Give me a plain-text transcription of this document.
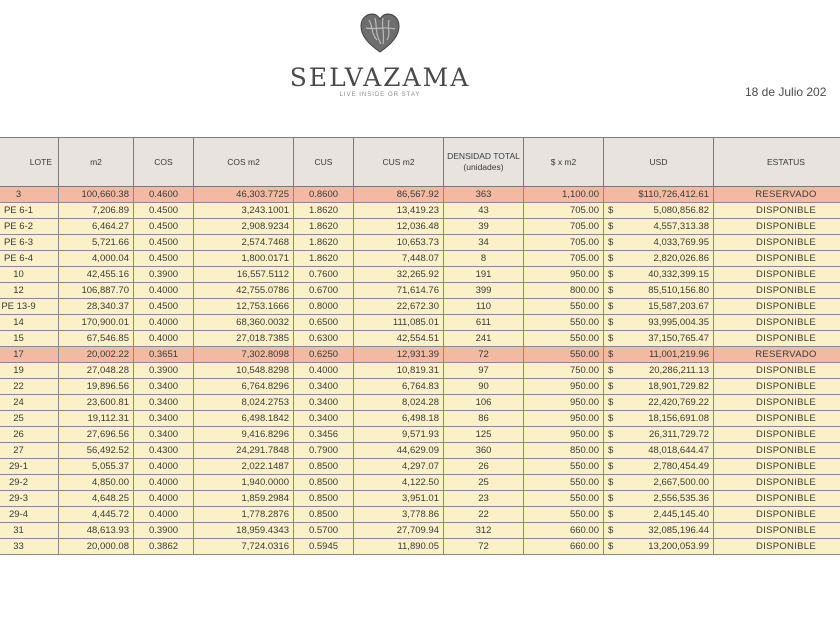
SELVAZAMA
LIVE INSIDE OR STAY	18 de Julio 202
LOTE	m2	COS	COS m2	CUS	CUS m2	DENSIDAD TOTAL (unidades)	$ x m2	USD	ESTATUS
3	100,660.38	0.4600	46,303.7725	0.8600	86,567.92	363	1,100.00	$110,726,412.61	RESERVADO
PE 6-1	7,206.89	0.4500	3,243.1001	1.8620	13,419.23	43	705.00	$ 5,080,856.82	DISPONIBLE
PE 6-2	6,464.27	0.4500	2,908.9234	1.8620	12,036.48	39	705.00	$ 4,557,313.38	DISPONIBLE
PE 6-3	5,721.66	0.4500	2,574.7468	1.8620	10,653.73	34	705.00	$ 4,033,769.95	DISPONIBLE
PE 6-4	4,000.04	0.4500	1,800.0171	1.8620	7,448.07	8	705.00	$ 2,820,026.86	DISPONIBLE
10	42,455.16	0.3900	16,557.5112	0.7600	32,265.92	191	950.00	$ 40,332,399.15	DISPONIBLE
12	106,887.70	0.4000	42,755.0786	0.6700	71,614.76	399	800.00	$ 85,510,156.80	DISPONIBLE
PE 13-9	28,340.37	0.4500	12,753.1666	0.8000	22,672.30	110	550.00	$ 15,587,203.67	DISPONIBLE
14	170,900.01	0.4000	68,360.0032	0.6500	111,085.01	611	550.00	$ 93,995,004.35	DISPONIBLE
15	67,546.85	0.4000	27,018.7385	0.6300	42,554.51	241	550.00	$ 37,150,765.47	DISPONIBLE
17	20,002.22	0.3651	7,302.8098	0.6250	12,931.39	72	550.00	$ 11,001,219.96	RESERVADO
19	27,048.28	0.3900	10,548.8298	0.4000	10,819.31	97	750.00	$ 20,286,211.13	DISPONIBLE
22	19,896.56	0.3400	6,764.8296	0.3400	6,764.83	90	950.00	$ 18,901,729.82	DISPONIBLE
24	23,600.81	0.3400	8,024.2753	0.3400	8,024.28	106	950.00	$ 22,420,769.22	DISPONIBLE
25	19,112.31	0.3400	6,498.1842	0.3400	6,498.18	86	950.00	$ 18,156,691.08	DISPONIBLE
26	27,696.56	0.3400	9,416.8296	0.3456	9,571.93	125	950.00	$ 26,311,729.72	DISPONIBLE
27	56,492.52	0.4300	24,291.7848	0.7900	44,629.09	360	850.00	$ 48,018,644.47	DISPONIBLE
29-1	5,055.37	0.4000	2,022.1487	0.8500	4,297.07	26	550.00	$ 2,780,454.49	DISPONIBLE
29-2	4,850.00	0.4000	1,940.0000	0.8500	4,122.50	25	550.00	$ 2,667,500.00	DISPONIBLE
29-3	4,648.25	0.4000	1,859.2984	0.8500	3,951.01	23	550.00	$ 2,556,535.36	DISPONIBLE
29-4	4,445.72	0.4000	1,778.2876	0.8500	3,778.86	22	550.00	$ 2,445,145.40	DISPONIBLE
31	48,613.93	0.3900	18,959.4343	0.5700	27,709.94	312	660.00	$ 32,085,196.44	DISPONIBLE
33	20,000.08	0.3862	7,724.0316	0.5945	11,890.05	72	660.00	$ 13,200,053.99	DISPONIBLE
